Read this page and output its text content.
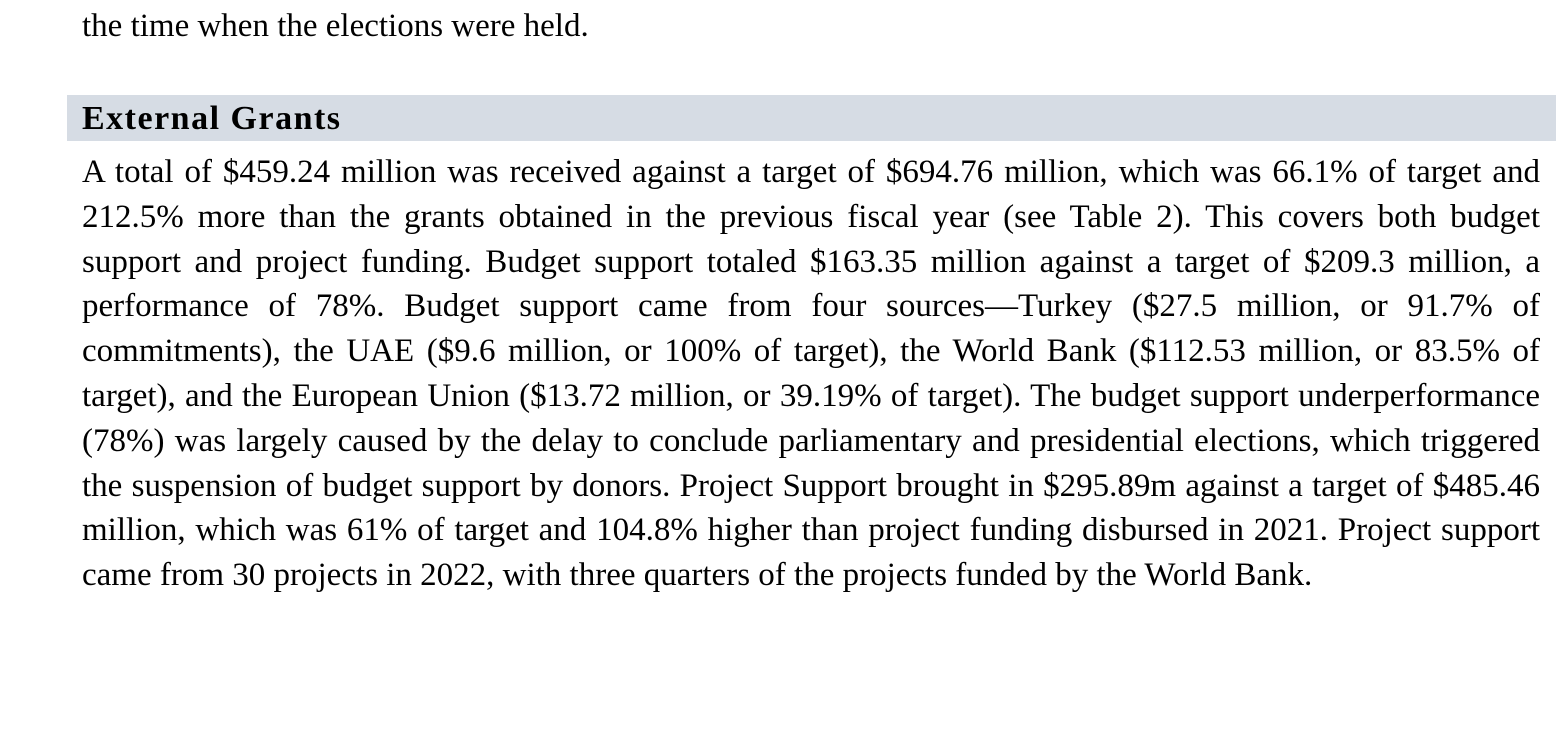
the time when the elections were held.
External Grants

A total of $459.24 million was received against a target of $694.76 million, which was 66.1% of target and 212.5% more than the grants obtained in the previous fiscal year (see Table 2). This covers both budget support and project funding. Budget support totaled $163.35 million against a target of $209.3 million, a performance of 78%. Budget support came from four sources—Turkey ($27.5 million, or 91.7% of commitments), the UAE ($9.6 million, or 100% of target), the World Bank ($112.53 million, or 83.5% of target), and the European Union ($13.72 million, or 39.19% of target). The budget support underperformance (78%) was largely caused by the delay to conclude parliamentary and presidential elections, which triggered the suspension of budget support by donors. Project Support brought in $295.89m against a target of $485.46 million, which was 61% of target and 104.8% higher than project funding disbursed in 2021. Project support came from 30 projects in 2022, with three quarters of the projects funded by the World Bank.
